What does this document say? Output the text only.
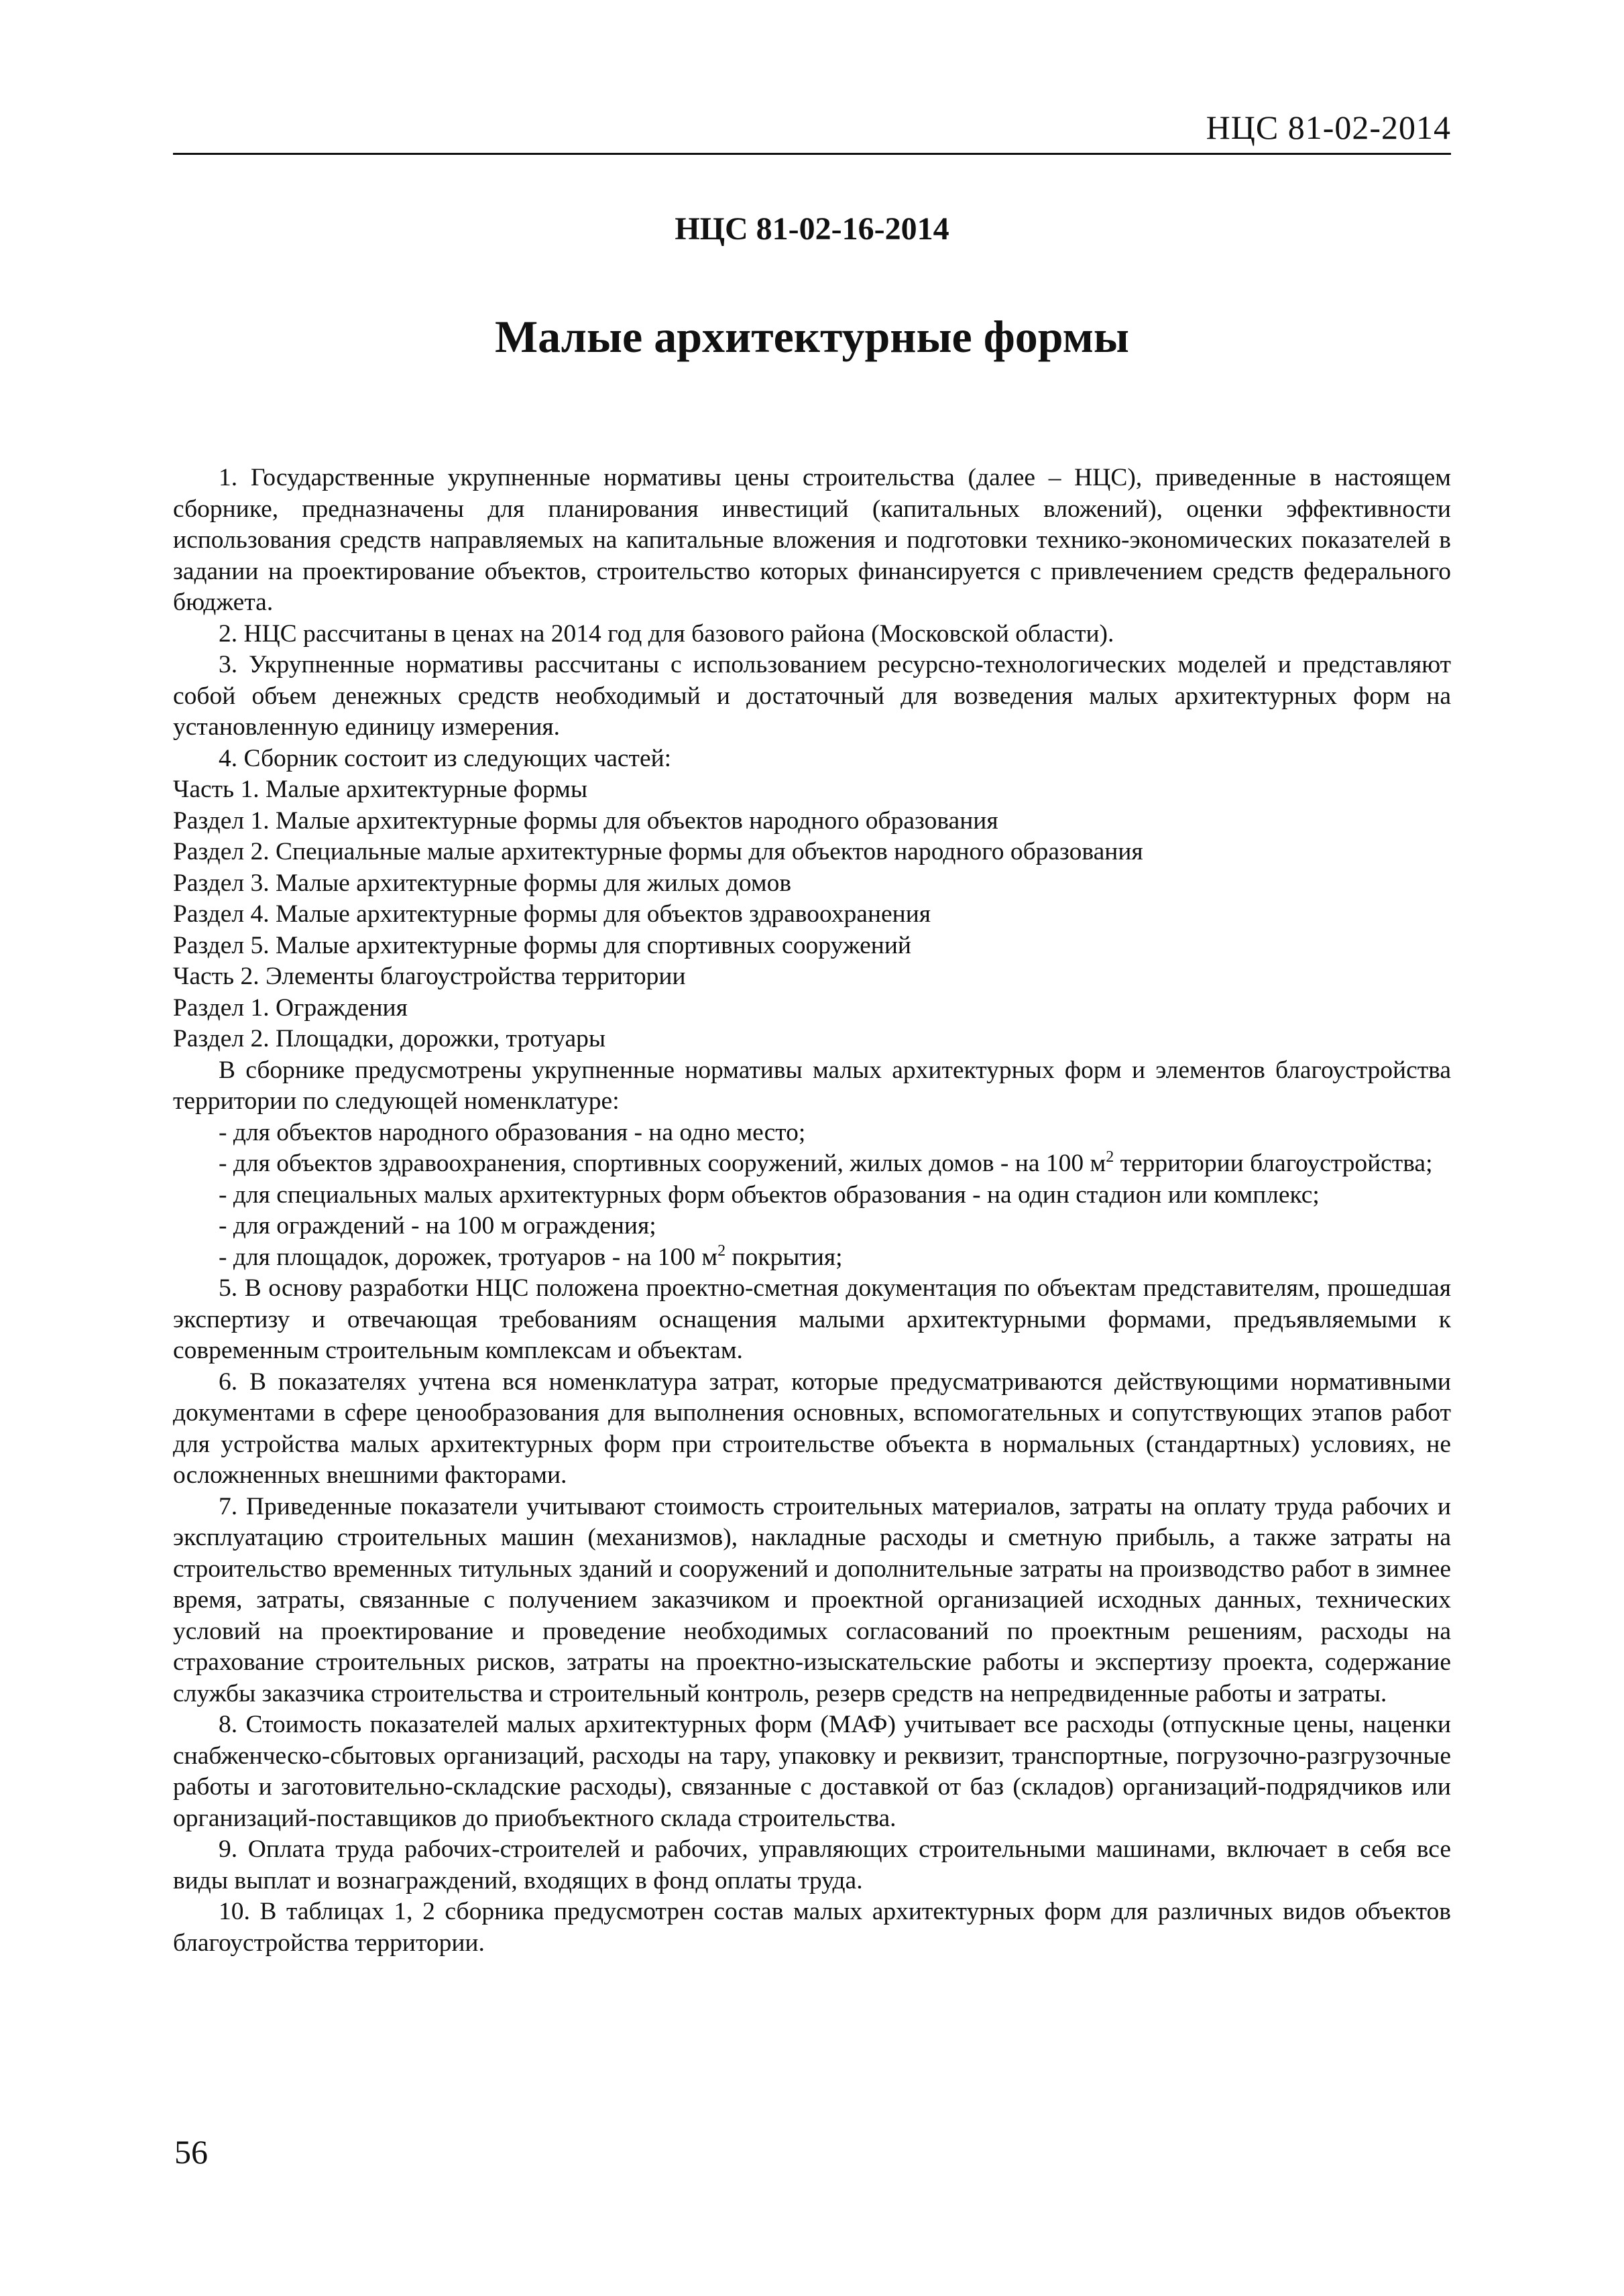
НЦС 81-02-2014
НЦС 81-02-16-2014
Малые архитектурные формы

1. Государственные укрупненные нормативы цены строительства (далее – НЦС), приведенные в настоящем сборнике, предназначены для планирования инвестиций (капитальных вложений), оценки эффективности использования средств направляемых на капитальные вложения и подготовки технико-экономических показателей в задании на проектирование объектов, строительство которых финансируется с привлечением средств федерального бюджета.

2. НЦС рассчитаны в ценах на 2014 год для базового района (Московской области).

3. Укрупненные нормативы рассчитаны с использованием ресурсно-технологических моделей и представляют собой объем денежных средств необходимый и достаточный для возведения малых архитектурных форм на установленную единицу измерения.

4. Сборник состоит из следующих частей:

Часть 1. Малые архитектурные формы

Раздел 1. Малые архитектурные формы для объектов народного образования

Раздел 2. Специальные малые архитектурные формы для объектов народного образования

Раздел 3. Малые архитектурные формы для жилых домов

Раздел 4. Малые архитектурные формы для объектов здравоохранения

Раздел 5. Малые архитектурные формы для спортивных сооружений

Часть 2. Элементы благоустройства территории

Раздел 1. Ограждения

Раздел 2. Площадки, дорожки, тротуары

В сборнике предусмотрены укрупненные нормативы малых архитектурных форм и элементов благоустройства территории по следующей номенклатуре:

- для объектов народного образования - на одно место;

- для объектов здравоохранения, спортивных сооружений, жилых домов - на 100 $м^2$ территории благоустройства;

- для специальных малых архитектурных форм объектов образования - на один стадион или комплекс;

- для ограждений - на 100 м ограждения;

- для площадок, дорожек, тротуаров - на 100 $м^2$ покрытия;

5. В основу разработки НЦС положена проектно-сметная документация по объектам представителям, прошедшая экспертизу и отвечающая требованиям оснащения малыми архитектурными формами, предъявляемыми к современным строительным комплексам и объектам.

6. В показателях учтена вся номенклатура затрат, которые предусматриваются действующими нормативными документами в сфере ценообразования для выполнения основных, вспомогательных и сопутствующих этапов работ для устройства малых архитектурных форм при строительстве объекта в нормальных (стандартных) условиях, не осложненных внешними факторами.

7. Приведенные показатели учитывают стоимость строительных материалов, затраты на оплату труда рабочих и эксплуатацию строительных машин (механизмов), накладные расходы и сметную прибыль, а также затраты на строительство временных титульных зданий и сооружений и дополнительные затраты на производство работ в зимнее время, затраты, связанные с получением заказчиком и проектной организацией исходных данных, технических условий на проектирование и проведение необходимых согласований по проектным решениям, расходы на страхование строительных рисков, затраты на проектно-изыскательские работы и экспертизу проекта, содержание службы заказчика строительства и строительный контроль, резерв средств на непредвиденные работы и затраты.

8. Стоимость показателей малых архитектурных форм (МАФ) учитывает все расходы (отпускные цены, наценки снабженческо-сбытовых организаций, расходы на тару, упаковку и реквизит, транспортные, погрузочно-разгрузочные работы и заготовительно-складские расходы), связанные с доставкой от баз (складов) организаций-подрядчиков или организаций-поставщиков до приобъектного склада строительства.

9. Оплата труда рабочих-строителей и рабочих, управляющих строительными машинами, включает в себя все виды выплат и вознаграждений, входящих в фонд оплаты труда.

10. В таблицах 1, 2 сборника предусмотрен состав малых архитектурных форм для различных видов объектов благоустройства территории.

56
